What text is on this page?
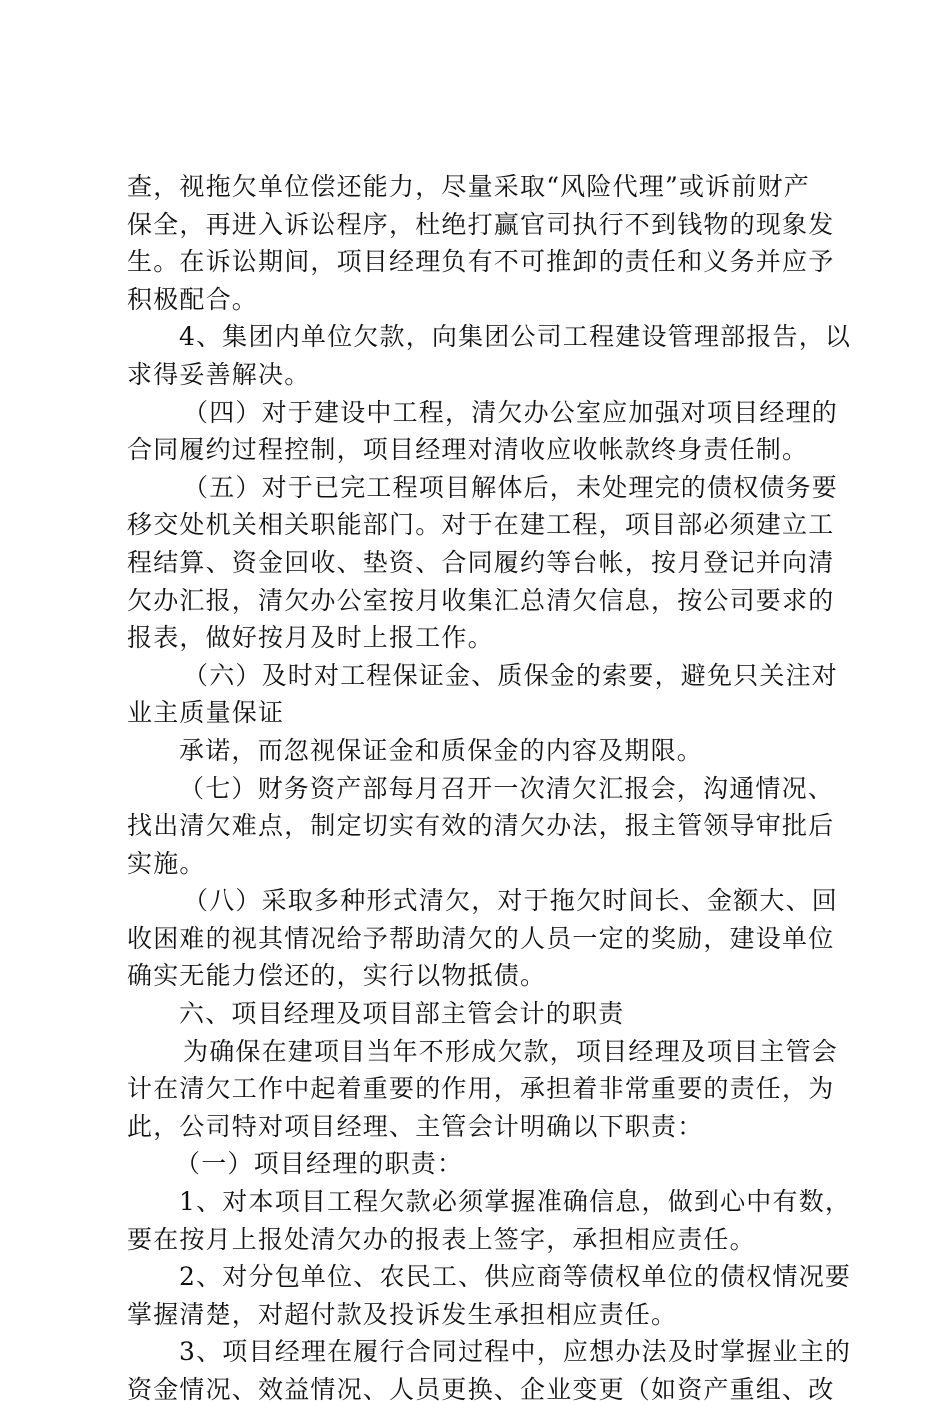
查，视拖欠单位偿还能力，尽量采取“风险代理”或诉前财产
保全，再进入诉讼程序，杜绝打赢官司执行不到钱物的现象发
生。在诉讼期间，项目经理负有不可推卸的责任和义务并应予
积极配合。
4、集团内单位欠款，向集团公司工程建设管理部报告，以
求得妥善解决。
（四）对于建设中工程，清欠办公室应加强对项目经理的
合同履约过程控制，项目经理对清收应收帐款终身责任制。
（五）对于已完工程项目解体后，未处理完的债权债务要
移交处机关相关职能部门。对于在建工程，项目部必须建立工
程结算、资金回收、垫资、合同履约等台帐，按月登记并向清
欠办汇报，清欠办公室按月收集汇总清欠信息，按公司要求的
报表，做好按月及时上报工作。
（六）及时对工程保证金、质保金的索要，避免只关注对
业主质量保证
承诺，而忽视保证金和质保金的内容及期限。
（七）财务资产部每月召开一次清欠汇报会，沟通情况、
找出清欠难点，制定切实有效的清欠办法，报主管领导审批后
实施。
（八）采取多种形式清欠，对于拖欠时间长、金额大、回
收困难的视其情况给予帮助清欠的人员一定的奖励，建设单位
确实无能力偿还的，实行以物抵债。
六、项目经理及项目部主管会计的职责
为确保在建项目当年不形成欠款，项目经理及项目主管会
计在清欠工作中起着重要的作用，承担着非常重要的责任，为
此，公司特对项目经理、主管会计明确以下职责：
（一）项目经理的职责：
1、对本项目工程欠款必须掌握准确信息，做到心中有数，
要在按月上报处清欠办的报表上签字，承担相应责任。
2、对分包单位、农民工、供应商等债权单位的债权情况要
掌握清楚，对超付款及投诉发生承担相应责任。
3、项目经理在履行合同过程中，应想办法及时掌握业主的
资金情况、效益情况、人员更换、企业变更（如资产重组、改
